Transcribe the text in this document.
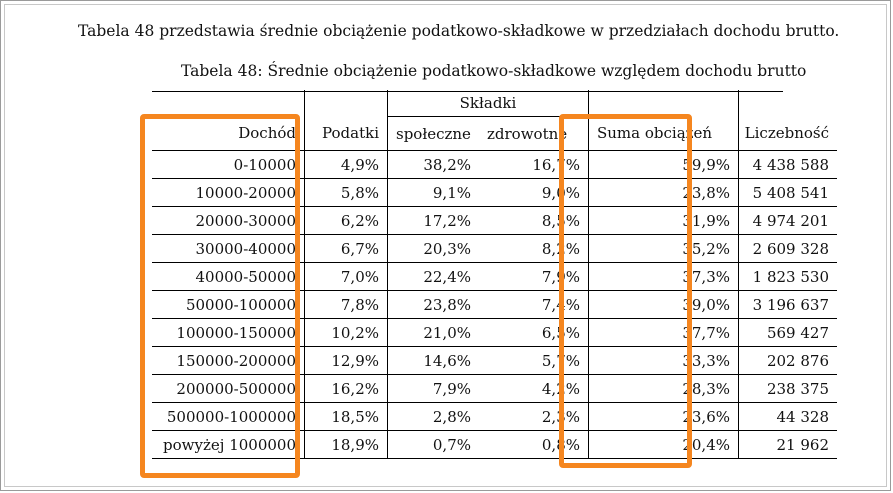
Tabela 48 przedstawia średnie obciążenie podatkowo-składkowe w przedziałach dochodu brutto.
Tabela 48: Średnie obciążenie podatkowo-składkowe względem dochodu brutto
		Składki			
Dochód	Podatki	społeczne	zdrowotne	Suma obciążeń	Liczebność
0-10000	4,9%	38,2%	16,7%	59,9%	4 438 588
10000-20000	5,8%	9,1%	9,0%	23,8%	5 408 541
20000-30000	6,2%	17,2%	8,5%	31,9%	4 974 201
30000-40000	6,7%	20,3%	8,2%	35,2%	2 609 328
40000-50000	7,0%	22,4%	7,9%	37,3%	1 823 530
50000-100000	7,8%	23,8%	7,4%	39,0%	3 196 637
100000-150000	10,2%	21,0%	6,5%	37,7%	569 427
150000-200000	12,9%	14,6%	5,7%	33,3%	202 876
200000-500000	16,2%	7,9%	4,2%	28,3%	238 375
500000-1000000	18,5%	2,8%	2,3%	23,6%	44 328
powyżej 1000000	18,9%	0,7%	0,8%	20,4%	21 962
